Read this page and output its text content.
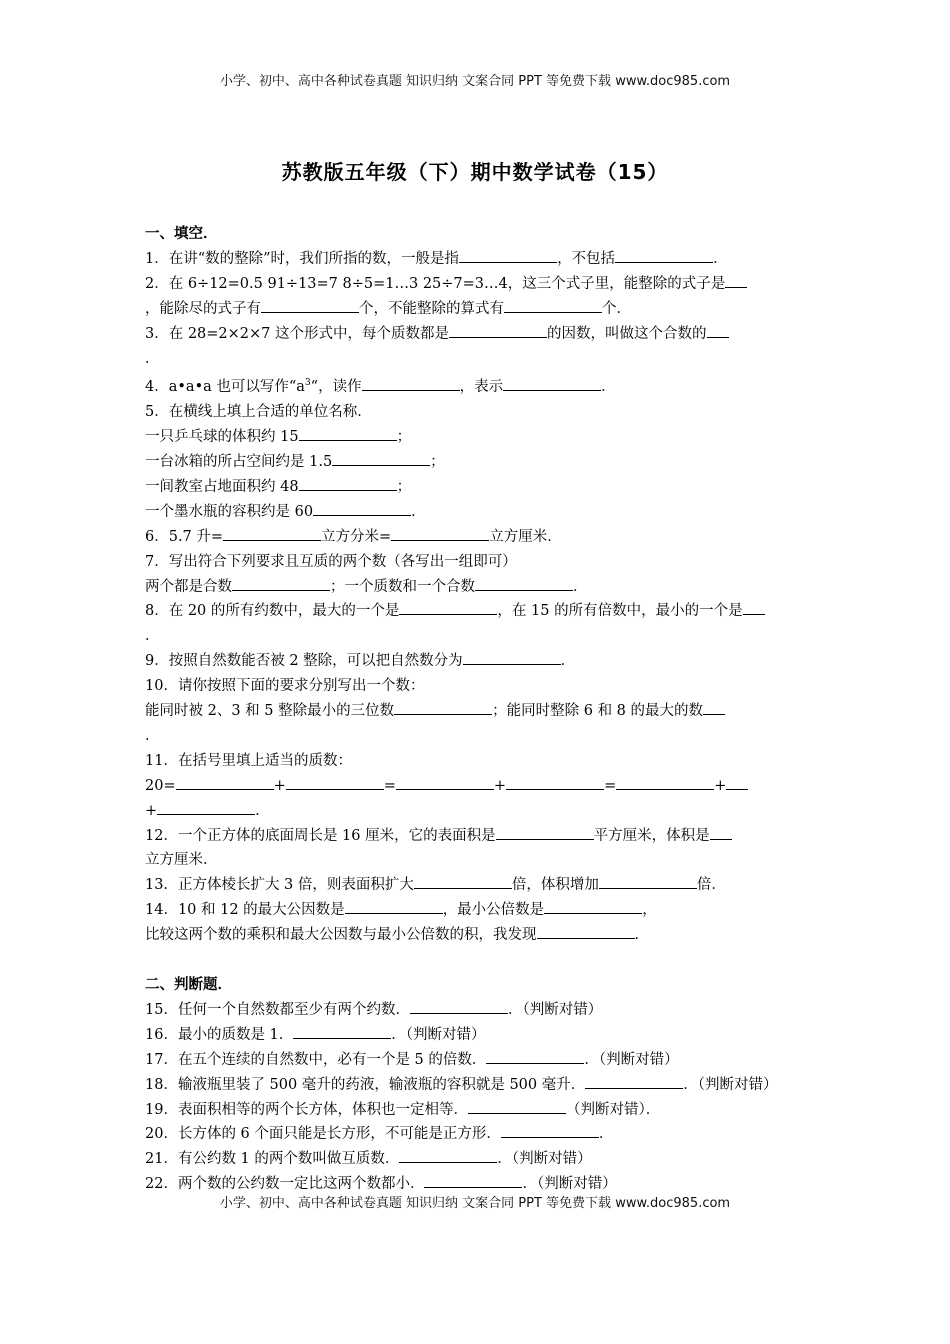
小学、初中、高中各种试卷真题 知识归纳 文案合同 PPT 等免费下载 www.doc985.com
苏教版五年级（下）期中数学试卷（15）
一、填空．
1．在讲“数的整除”时，我们所指的数，一般是指	，不包括	．
2．在 6÷12=0.5 91÷13=7 8÷5=1…3 25÷7=3…4，这三个式子里，能整除的式子是
，能除尽的式子有	个，不能整除的算式有	个．
3．在 28=2×2×7 这个形式中，每个质数都是	的因数，叫做这个合数的
．
4．a•a•a 也可以写作“$a^3“$，读作	，表示	．
5．在横线上填上合适的单位名称．
一只乒乓球的体积约 15	；
一台冰箱的所占空间约是 1.5	；
一间教室占地面积约 48	；
一个墨水瓶的容积约是 60	．
6．5.7 升=	立方分米=	立方厘米．
7．写出符合下列要求且互质的两个数（各写出一组即可）
两个都是合数	；一个质数和一个合数	．
8．在 20 的所有约数中，最大的一个是	，在 15 的所有倍数中，最小的一个是
．
9．按照自然数能否被 2 整除，可以把自然数分为	．
10．请你按照下面的要求分别写出一个数：
能同时被 2、3 和 5 整除最小的三位数	；能同时整除 6 和 8 的最大的数
．
11．在括号里填上适当的质数：
20=	+	=	+	=	+
+	．
12．一个正方体的底面周长是 16 厘米，它的表面积是	平方厘米，体积是
立方厘米．
13．正方体棱长扩大 3 倍，则表面积扩大	倍，体积增加	倍．
14．10 和 12 的最大公因数是	，最小公倍数是	，
比较这两个数的乘积和最大公因数与最小公倍数的积，我发现	．
二、判断题．
15．任何一个自然数都至少有两个约数．	．（判断对错）
16．最小的质数是 1．	．（判断对错）
17．在五个连续的自然数中，必有一个是 5 的倍数．	．（判断对错）
18．输液瓶里装了 500 毫升的药液，输液瓶的容积就是 500 毫升．	．（判断对错）
19．表面积相等的两个长方体，体积也一定相等．	（判断对错）．
20．长方体的 6 个面只能是长方形，不可能是正方形．	．
21．有公约数 1 的两个数叫做互质数．	．（判断对错）
22．两个数的公约数一定比这两个数都小．	．（判断对错）
小学、初中、高中各种试卷真题 知识归纳 文案合同 PPT 等免费下载 www.doc985.com
